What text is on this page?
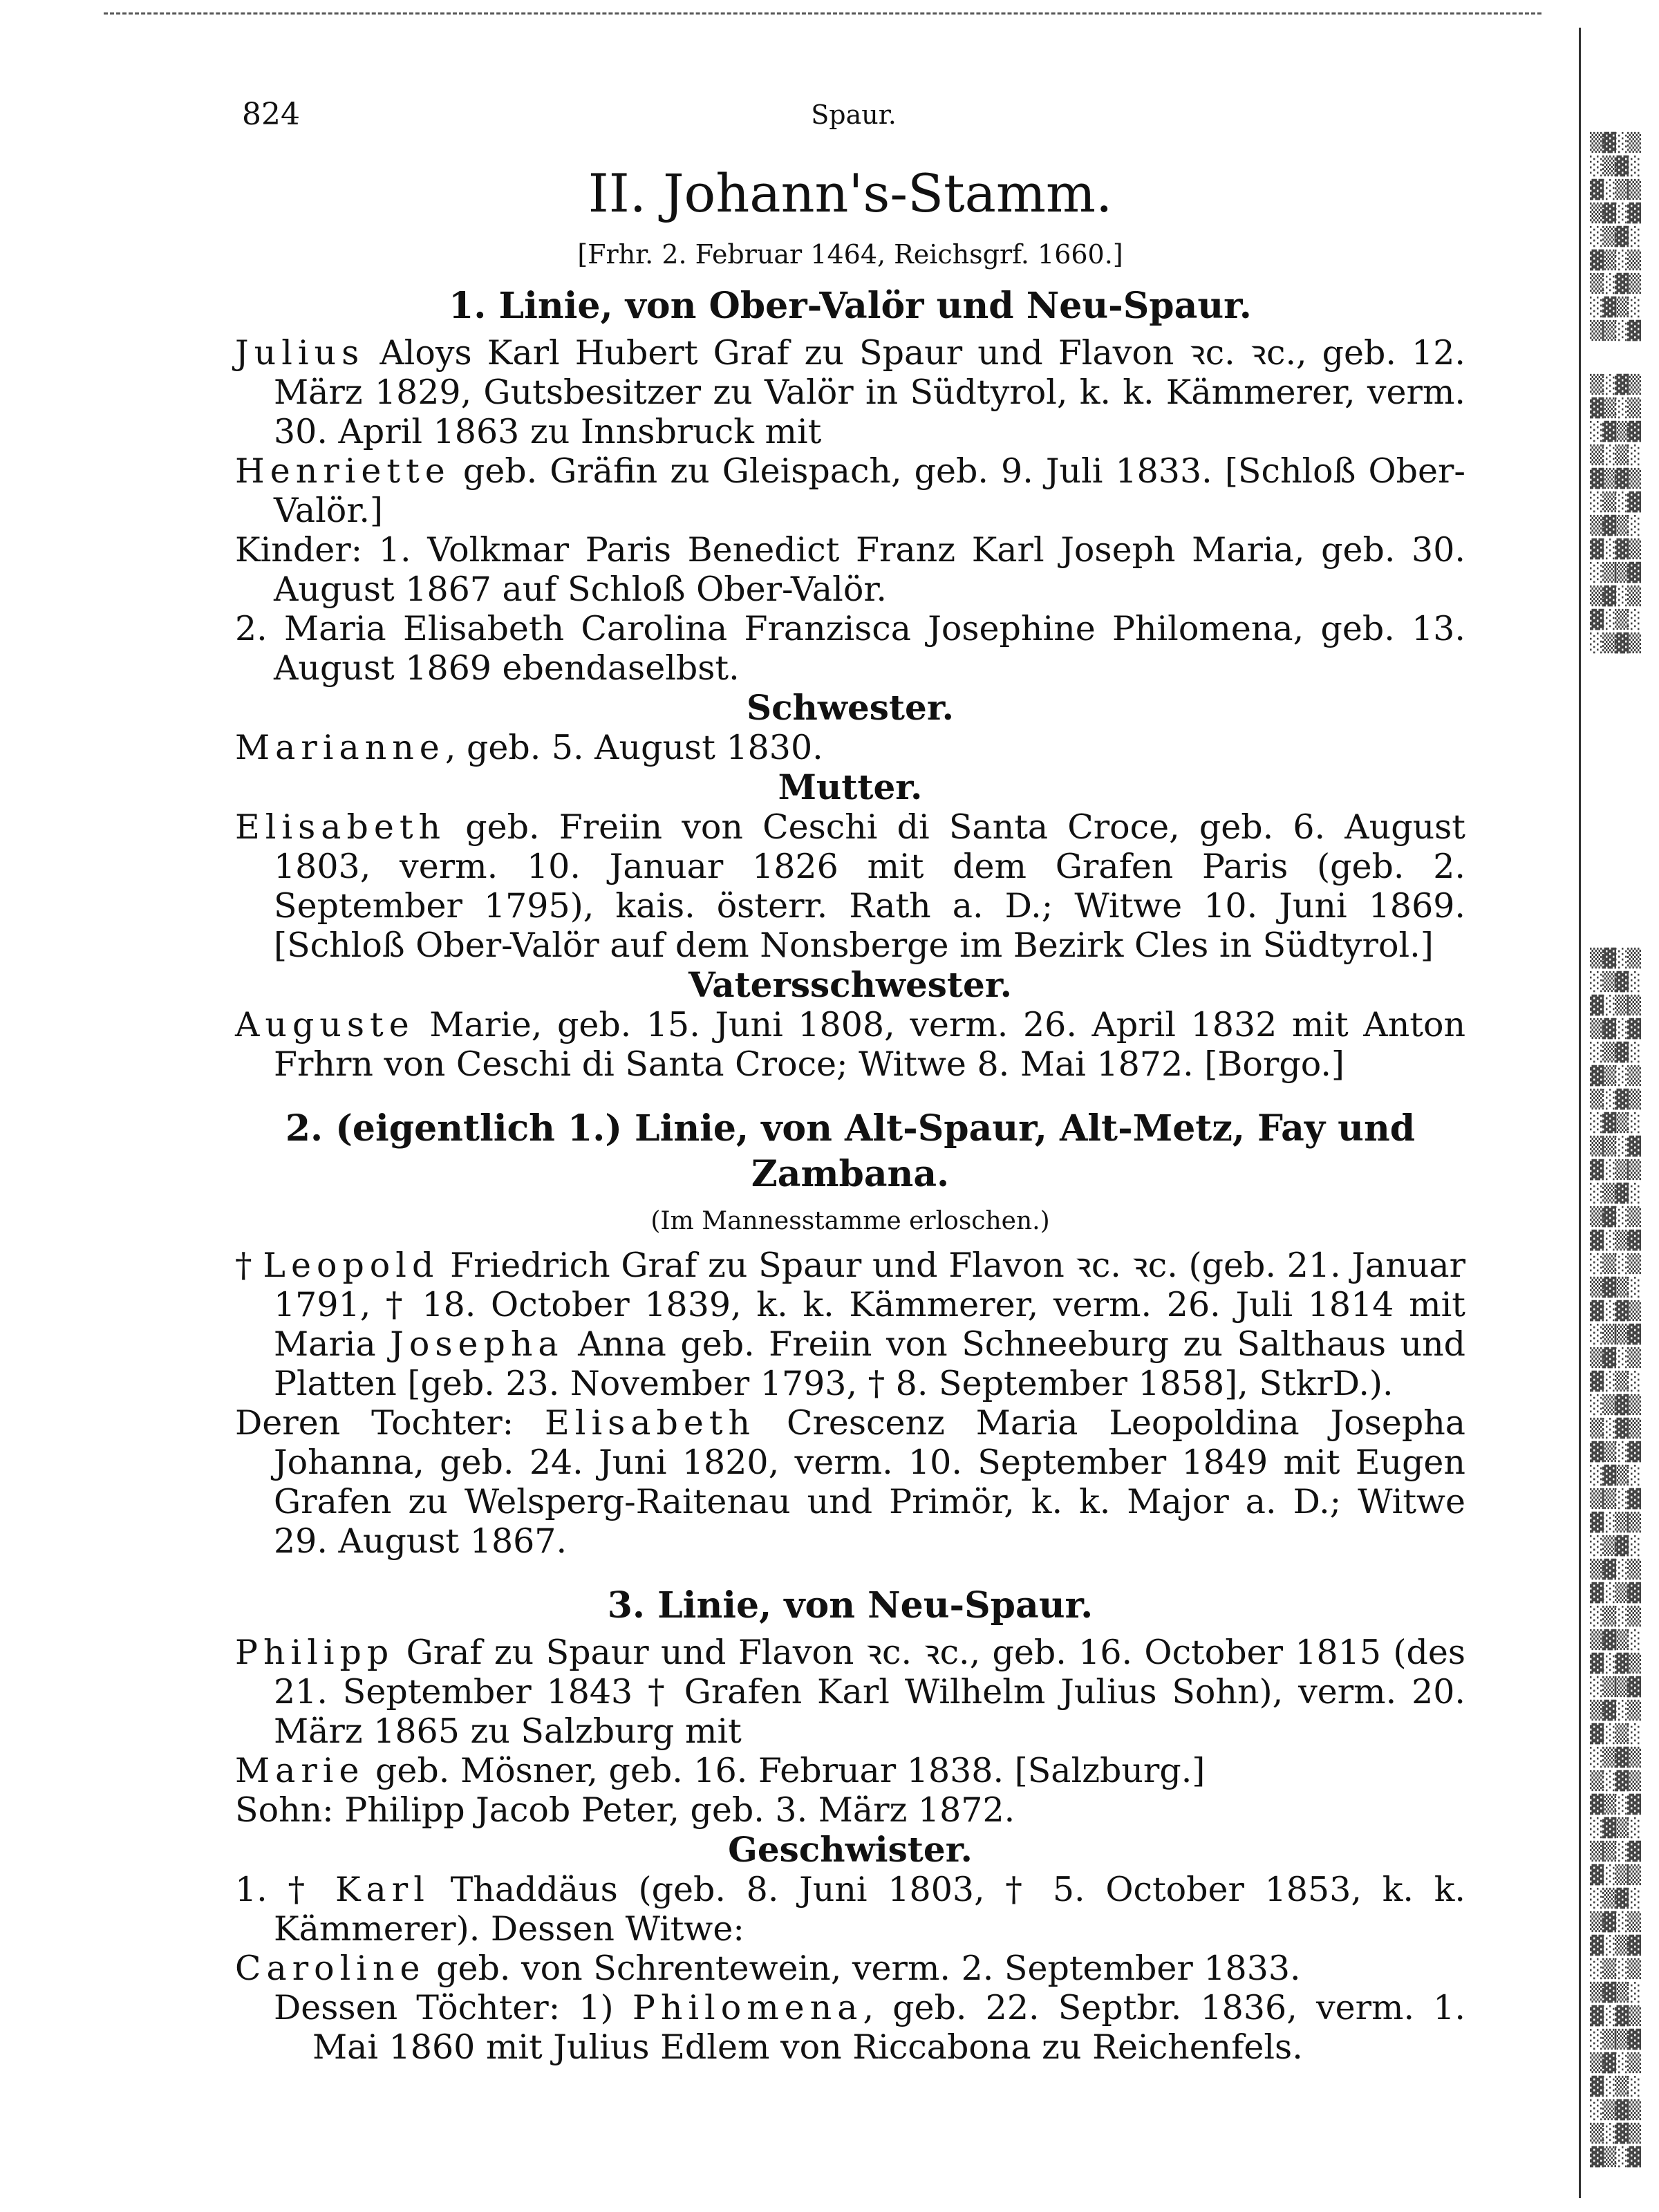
▒▓░▒
░▒▓░
▓░▒▒
▒▓░▓
░▒▓░
▓▒░▒
▒░▓▒
░▓▒░
▒▒░▓
▒░▓▒
▓▒░▒
░▓▒▓
▒░▒░
▓▒▓▒
░▒░▓
▒▓▒░
▓░▓▒
░▒▒▓
▒▓░▒
▓░▒░
░▒▓▒
▒▓░▒
░▒▓░
▓░▒▒
▒▓░▓
░▒▓░
▓▒░▒
▒░▓▒
░▓▒░
▒▒░▓
▓░▒▒
░▒▓░
▒▓░▒
▓░▒▓
░▒░▒
▒▓▒░
▓░▓▒
░▒▒▓
▒▓░▒
▓░▒░
░▒▓▒
▒░▓▒
▓▒░▓
░▓▒░
▒▒░▓
▓░▒▒
░▒▓░
▒▓░▒
▓░▒▓
░▒░▒
▒▓▒░
▓░▓▒
░▒▒▓
▒▓░▒
▓░▒░
░▒▓▒
▒░▓▒
▓▒░▓
░▓▒░
▒▒░▓
▓░▒▒
░▒▓░
▒▓░▒
▓░▒▓
░▒░▒
▒▓▒░
▓░▓▒
░▒▒▓
▒▓░▒
▓░▒░
░▒▓▒
▒░▓▒
▓▒░▓
824	Spaur.
II. Johann's-Stamm.
[Frhr. 2. Februar 1464, Reichsgrf. 1660.]
1. Linie, von Ober-Valör und Neu-Spaur.
Julius Aloys Karl Hubert Graf zu Spaur und Flavon ꝛc. ꝛc., geb. 12. März 1829, Gutsbesitzer zu Valör in Südtyrol, k. k. Kämmerer, verm. 30. April 1863 zu Innsbruck mit
Henriette geb. Gräfin zu Gleispach, geb. 9. Juli 1833. [Schloß Ober-Valör.]
Kinder: 1. Volkmar Paris Benedict Franz Karl Joseph Maria, geb. 30. August 1867 auf Schloß Ober-Valör.
2. Maria Elisabeth Carolina Franzisca Josephine Philomena, geb. 13. August 1869 ebendaselbst.
Schwester.
Marianne, geb. 5. August 1830.
Mutter.
Elisabeth geb. Freiin von Ceschi di Santa Croce, geb. 6. August 1803, verm. 10. Januar 1826 mit dem Grafen Paris (geb. 2. September 1795), kais. österr. Rath a. D.; Witwe 10. Juni 1869. [Schloß Ober-Valör auf dem Nonsberge im Bezirk Cles in Südtyrol.]
Vatersschwester.
Auguste Marie, geb. 15. Juni 1808, verm. 26. April 1832 mit Anton Frhrn von Ceschi di Santa Croce; Witwe 8. Mai 1872. [Borgo.]
2. (eigentlich 1.) Linie, von Alt-Spaur, Alt-Metz, Fay und Zambana.
(Im Mannesstamme erloschen.)
† Leopold Friedrich Graf zu Spaur und Flavon ꝛc. ꝛc. (geb. 21. Januar 1791, † 18. October 1839, k. k. Kämmerer, verm. 26. Juli 1814 mit Maria Josepha Anna geb. Freiin von Schneeburg zu Salthaus und Platten [geb. 23. November 1793, † 8. September 1858], StkrD.).
Deren Tochter: Elisabeth Crescenz Maria Leopoldina Josepha Johanna, geb. 24. Juni 1820, verm. 10. September 1849 mit Eugen Grafen zu Welsperg-Raitenau und Primör, k. k. Major a. D.; Witwe 29. August 1867.
3. Linie, von Neu-Spaur.
Philipp Graf zu Spaur und Flavon ꝛc. ꝛc., geb. 16. October 1815 (des 21. September 1843 † Grafen Karl Wilhelm Julius Sohn), verm. 20. März 1865 zu Salzburg mit
Marie geb. Mösner, geb. 16. Februar 1838. [Salzburg.]
Sohn: Philipp Jacob Peter, geb. 3. März 1872.
Geschwister.
1. † Karl Thaddäus (geb. 8. Juni 1803, † 5. October 1853, k. k. Kämmerer). Dessen Witwe:
Caroline geb. von Schrentewein, verm. 2. September 1833.
Dessen Töchter: 1) Philomena, geb. 22. Septbr. 1836, verm. 1. Mai 1860 mit Julius Edlem von Riccabona zu Reichenfels.
